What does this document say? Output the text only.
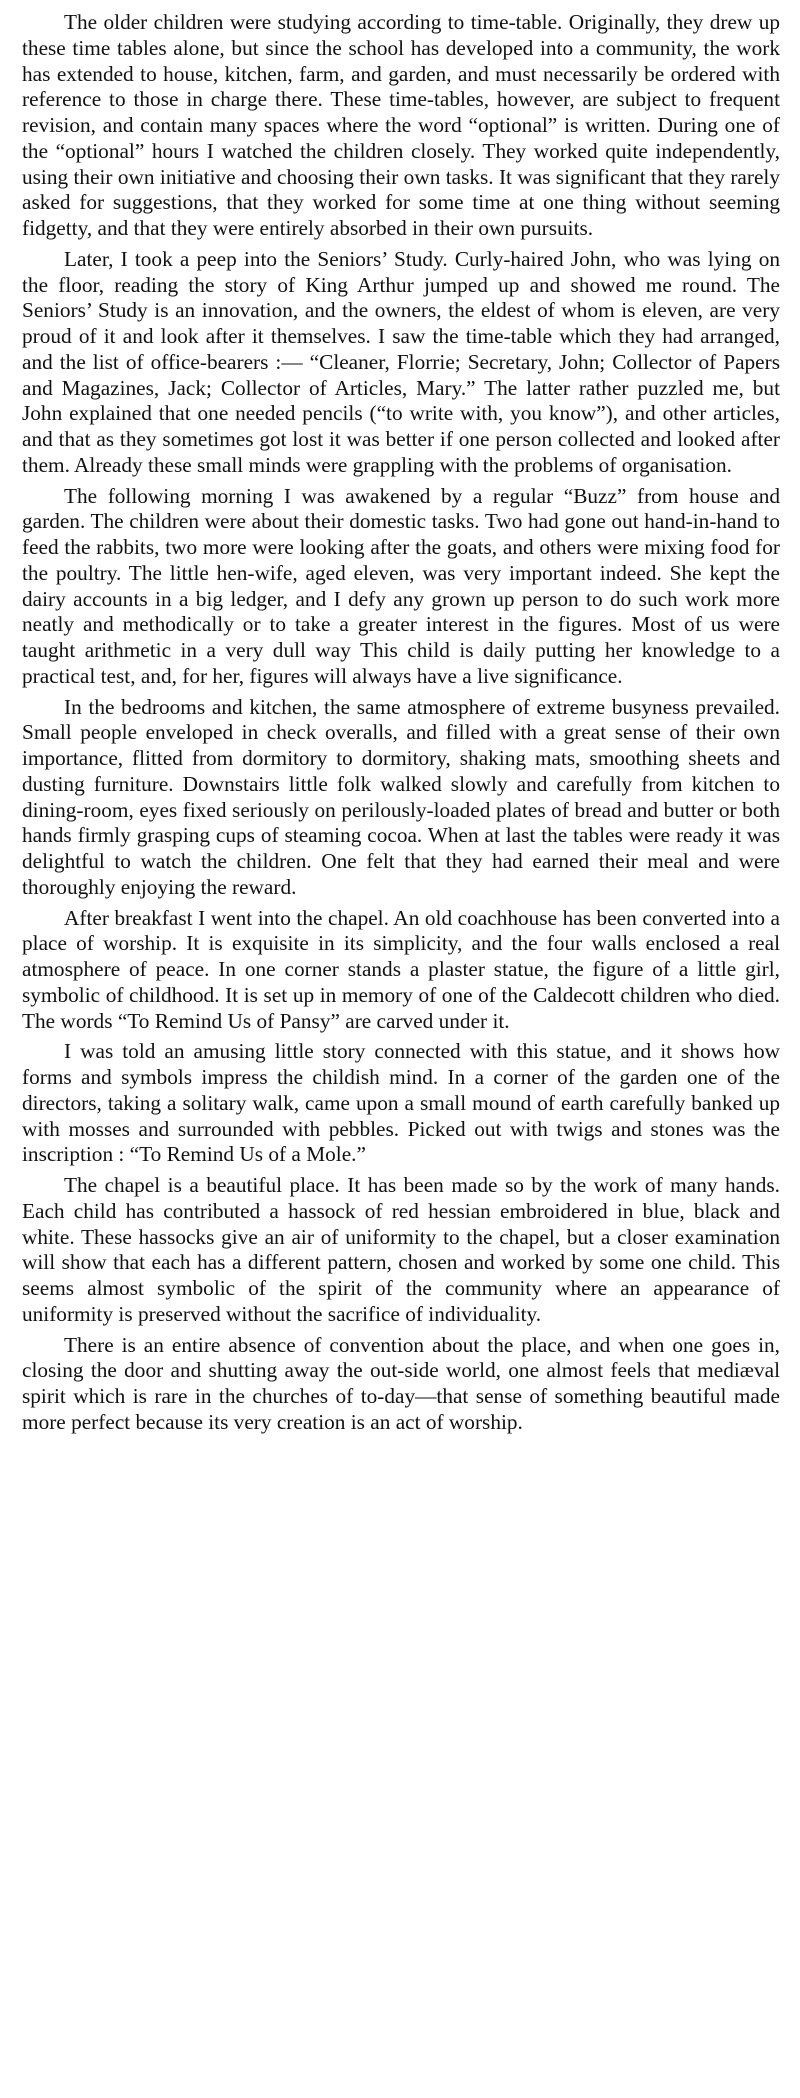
The older children were studying according to time-table. Originally, they drew up these time tables alone, but since the school has developed into a community, the work has extended to house, kitchen, farm, and garden, and must necessarily be ordered with reference to those in charge there. These time-tables, however, are subject to frequent revision, and contain many spaces where the word “optional” is written. During one of the “optional” hours I watched the children closely. They worked quite independently, using their own initiative and choosing their own tasks. It was significant that they rarely asked for suggestions, that they worked for some time at one thing without seeming fidgetty, and that they were entirely absorbed in their own pursuits.

Later, I took a peep into the Seniors’ Study. Curly-haired John, who was lying on the floor, reading the story of King Arthur jumped up and showed me round. The Seniors’ Study is an innovation, and the owners, the eldest of whom is eleven, are very proud of it and look after it themselves. I saw the time-table which they had arranged, and the list of office-bearers :— “Cleaner, Florrie; Secretary, John; Collector of Papers and Magazines, Jack; Collector of Articles, Mary.” The latter rather puzzled me, but John explained that one needed pencils (“to write with, you know”), and other articles, and that as they sometimes got lost it was better if one person collected and looked after them. Already these small minds were grappling with the problems of organisation.

The following morning I was awakened by a regular “Buzz” from house and garden. The children were about their domestic tasks. Two had gone out hand-in-hand to feed the rabbits, two more were looking after the goats, and others were mixing food for the poultry. The little hen-wife, aged eleven, was very important indeed. She kept the dairy accounts in a big ledger, and I defy any grown up person to do such work more neatly and methodically or to take a greater interest in the figures. Most of us were taught arithmetic in a very dull way This child is daily putting her knowledge to a practical test, and, for her, figures will always have a live significance.

In the bedrooms and kitchen, the same atmosphere of extreme busyness prevailed. Small people enveloped in check overalls, and filled with a great sense of their own importance, flitted from dormitory to dormitory, shaking mats, smoothing sheets and dusting furniture. Downstairs little folk walked slowly and carefully from kitchen to dining-room, eyes fixed seriously on perilously-loaded plates of bread and butter or both hands firmly grasping cups of steaming cocoa. When at last the tables were ready it was delightful to watch the children. One felt that they had earned their meal and were thoroughly enjoying the reward.

After breakfast I went into the chapel. An old coachhouse has been converted into a place of worship. It is exquisite in its simplicity, and the four walls enclosed a real atmosphere of peace. In one corner stands a plaster statue, the figure of a little girl, symbolic of childhood. It is set up in memory of one of the Caldecott children who died. The words “To Remind Us of Pansy” are carved under it.

I was told an amusing little story connected with this statue, and it shows how forms and symbols impress the childish mind. In a corner of the garden one of the directors, taking a solitary walk, came upon a small mound of earth carefully banked up with mosses and surrounded with pebbles. Picked out with twigs and stones was the inscription : “To Remind Us of a Mole.”

The chapel is a beautiful place. It has been made so by the work of many hands. Each child has contributed a hassock of red hessian embroidered in blue, black and white. These hassocks give an air of uniformity to the chapel, but a closer examination will show that each has a different pattern, chosen and worked by some one child. This seems almost symbolic of the spirit of the community where an appearance of uniformity is preserved without the sacrifice of individuality.

There is an entire absence of convention about the place, and when one goes in, closing the door and shutting away the out-side world, one almost feels that mediæval spirit which is rare in the churches of to-day—that sense of something beautiful made more perfect because its very creation is an act of worship.
